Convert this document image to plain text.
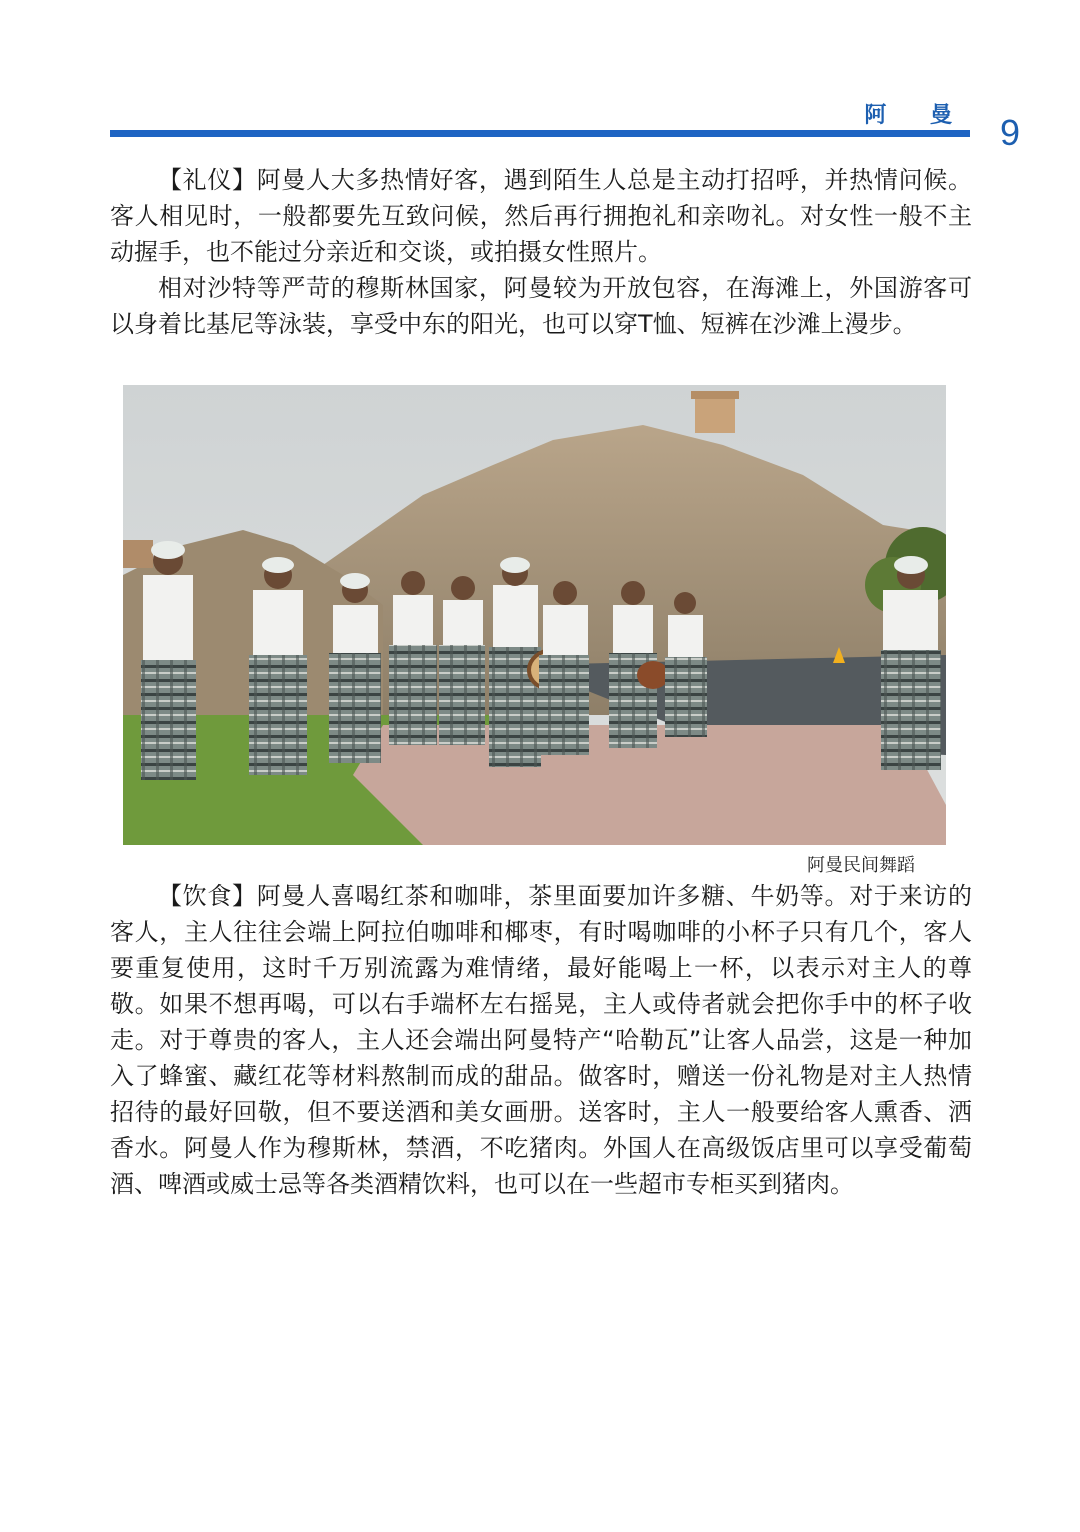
阿 曼 9

【礼仪】阿曼人大多热情好客，遇到陌生人总是主动打招呼，并热情问候。客人相见时，一般都要先互致问候，然后再行拥抱礼和亲吻礼。对女性一般不主动握手，也不能过分亲近和交谈，或拍摄女性照片。

相对沙特等严苛的穆斯林国家，阿曼较为开放包容，在海滩上，外国游客可以身着比基尼等泳装，享受中东的阳光，也可以穿T恤、短裤在沙滩上漫步。

阿曼民间舞蹈

【饮食】阿曼人喜喝红茶和咖啡，茶里面要加许多糖、牛奶等。对于来访的客人，主人往往会端上阿拉伯咖啡和椰枣，有时喝咖啡的小杯子只有几个，客人要重复使用，这时千万别流露为难情绪，最好能喝上一杯，以表示对主人的尊敬。如果不想再喝，可以右手端杯左右摇晃，主人或侍者就会把你手中的杯子收走。对于尊贵的客人，主人还会端出阿曼特产“哈勒瓦”让客人品尝，这是一种加入了蜂蜜、藏红花等材料熬制而成的甜品。做客时，赠送一份礼物是对主人热情招待的最好回敬，但不要送酒和美女画册。送客时，主人一般要给客人熏香、洒香水。阿曼人作为穆斯林，禁酒，不吃猪肉。外国人在高级饭店里可以享受葡萄酒、啤酒或威士忌等各类酒精饮料，也可以在一些超市专柜买到猪肉。
